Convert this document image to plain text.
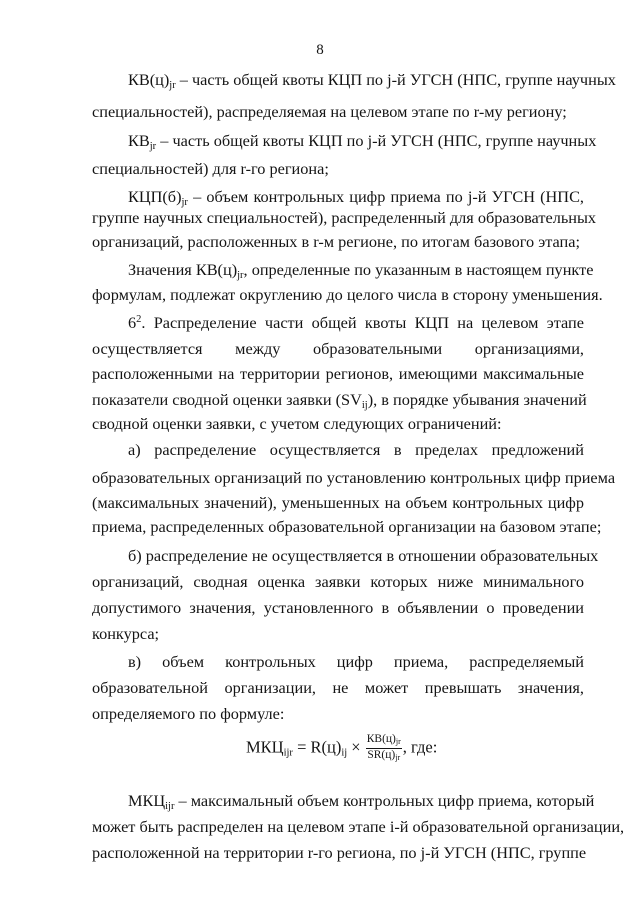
8
КВ(ц)jr – часть общей квоты КЦП по j-й УГСН (НПС, группе научных
специальностей), распределяемая на целевом этапе по r-му региону;
КВjr – часть общей квоты КЦП по j-й УГСН (НПС, группе научных
специальностей) для r-го региона;
КЦП(б)jr – объем контрольных цифр приема по j-й УГСН (НПС,
группе научных специальностей), распределенный для образовательных
организаций, расположенных в r-м регионе, по итогам базового этапа;
Значения КВ(ц)jr, определенные по указанным в настоящем пункте
формулам, подлежат округлению до целого числа в сторону уменьшения.
$6^2$. Распределение части общей квоты КЦП на целевом этапе
осуществляется между образовательными организациями,
расположенными на территории регионов, имеющими максимальные
показатели сводной оценки заявки (SVij), в порядке убывания значений
сводной оценки заявки, с учетом следующих ограничений:
а) распределение осуществляется в пределах предложений
образовательных организаций по установлению контрольных цифр приема
(максимальных значений), уменьшенных на объем контрольных цифр
приема, распределенных образовательной организации на базовом этапе;
б) распределение не осуществляется в отношении образовательных
организаций, сводная оценка заявки которых ниже минимального
допустимого значения, установленного в объявлении о проведении
конкурса;
в) объем контрольных цифр приема, распределяемый
образовательной организации, не может превышать значения,
определяемого по формуле:
МКЦijr = $R(ц)ij \times \frac{КВ(ц)jr}{SR(ц)jr}$ , где:
МКЦijr – максимальный объем контрольных цифр приема, который
может быть распределен на целевом этапе i-й образовательной организации,
расположенной на территории r-го региона, по j-й УГСН (НПС, группе
